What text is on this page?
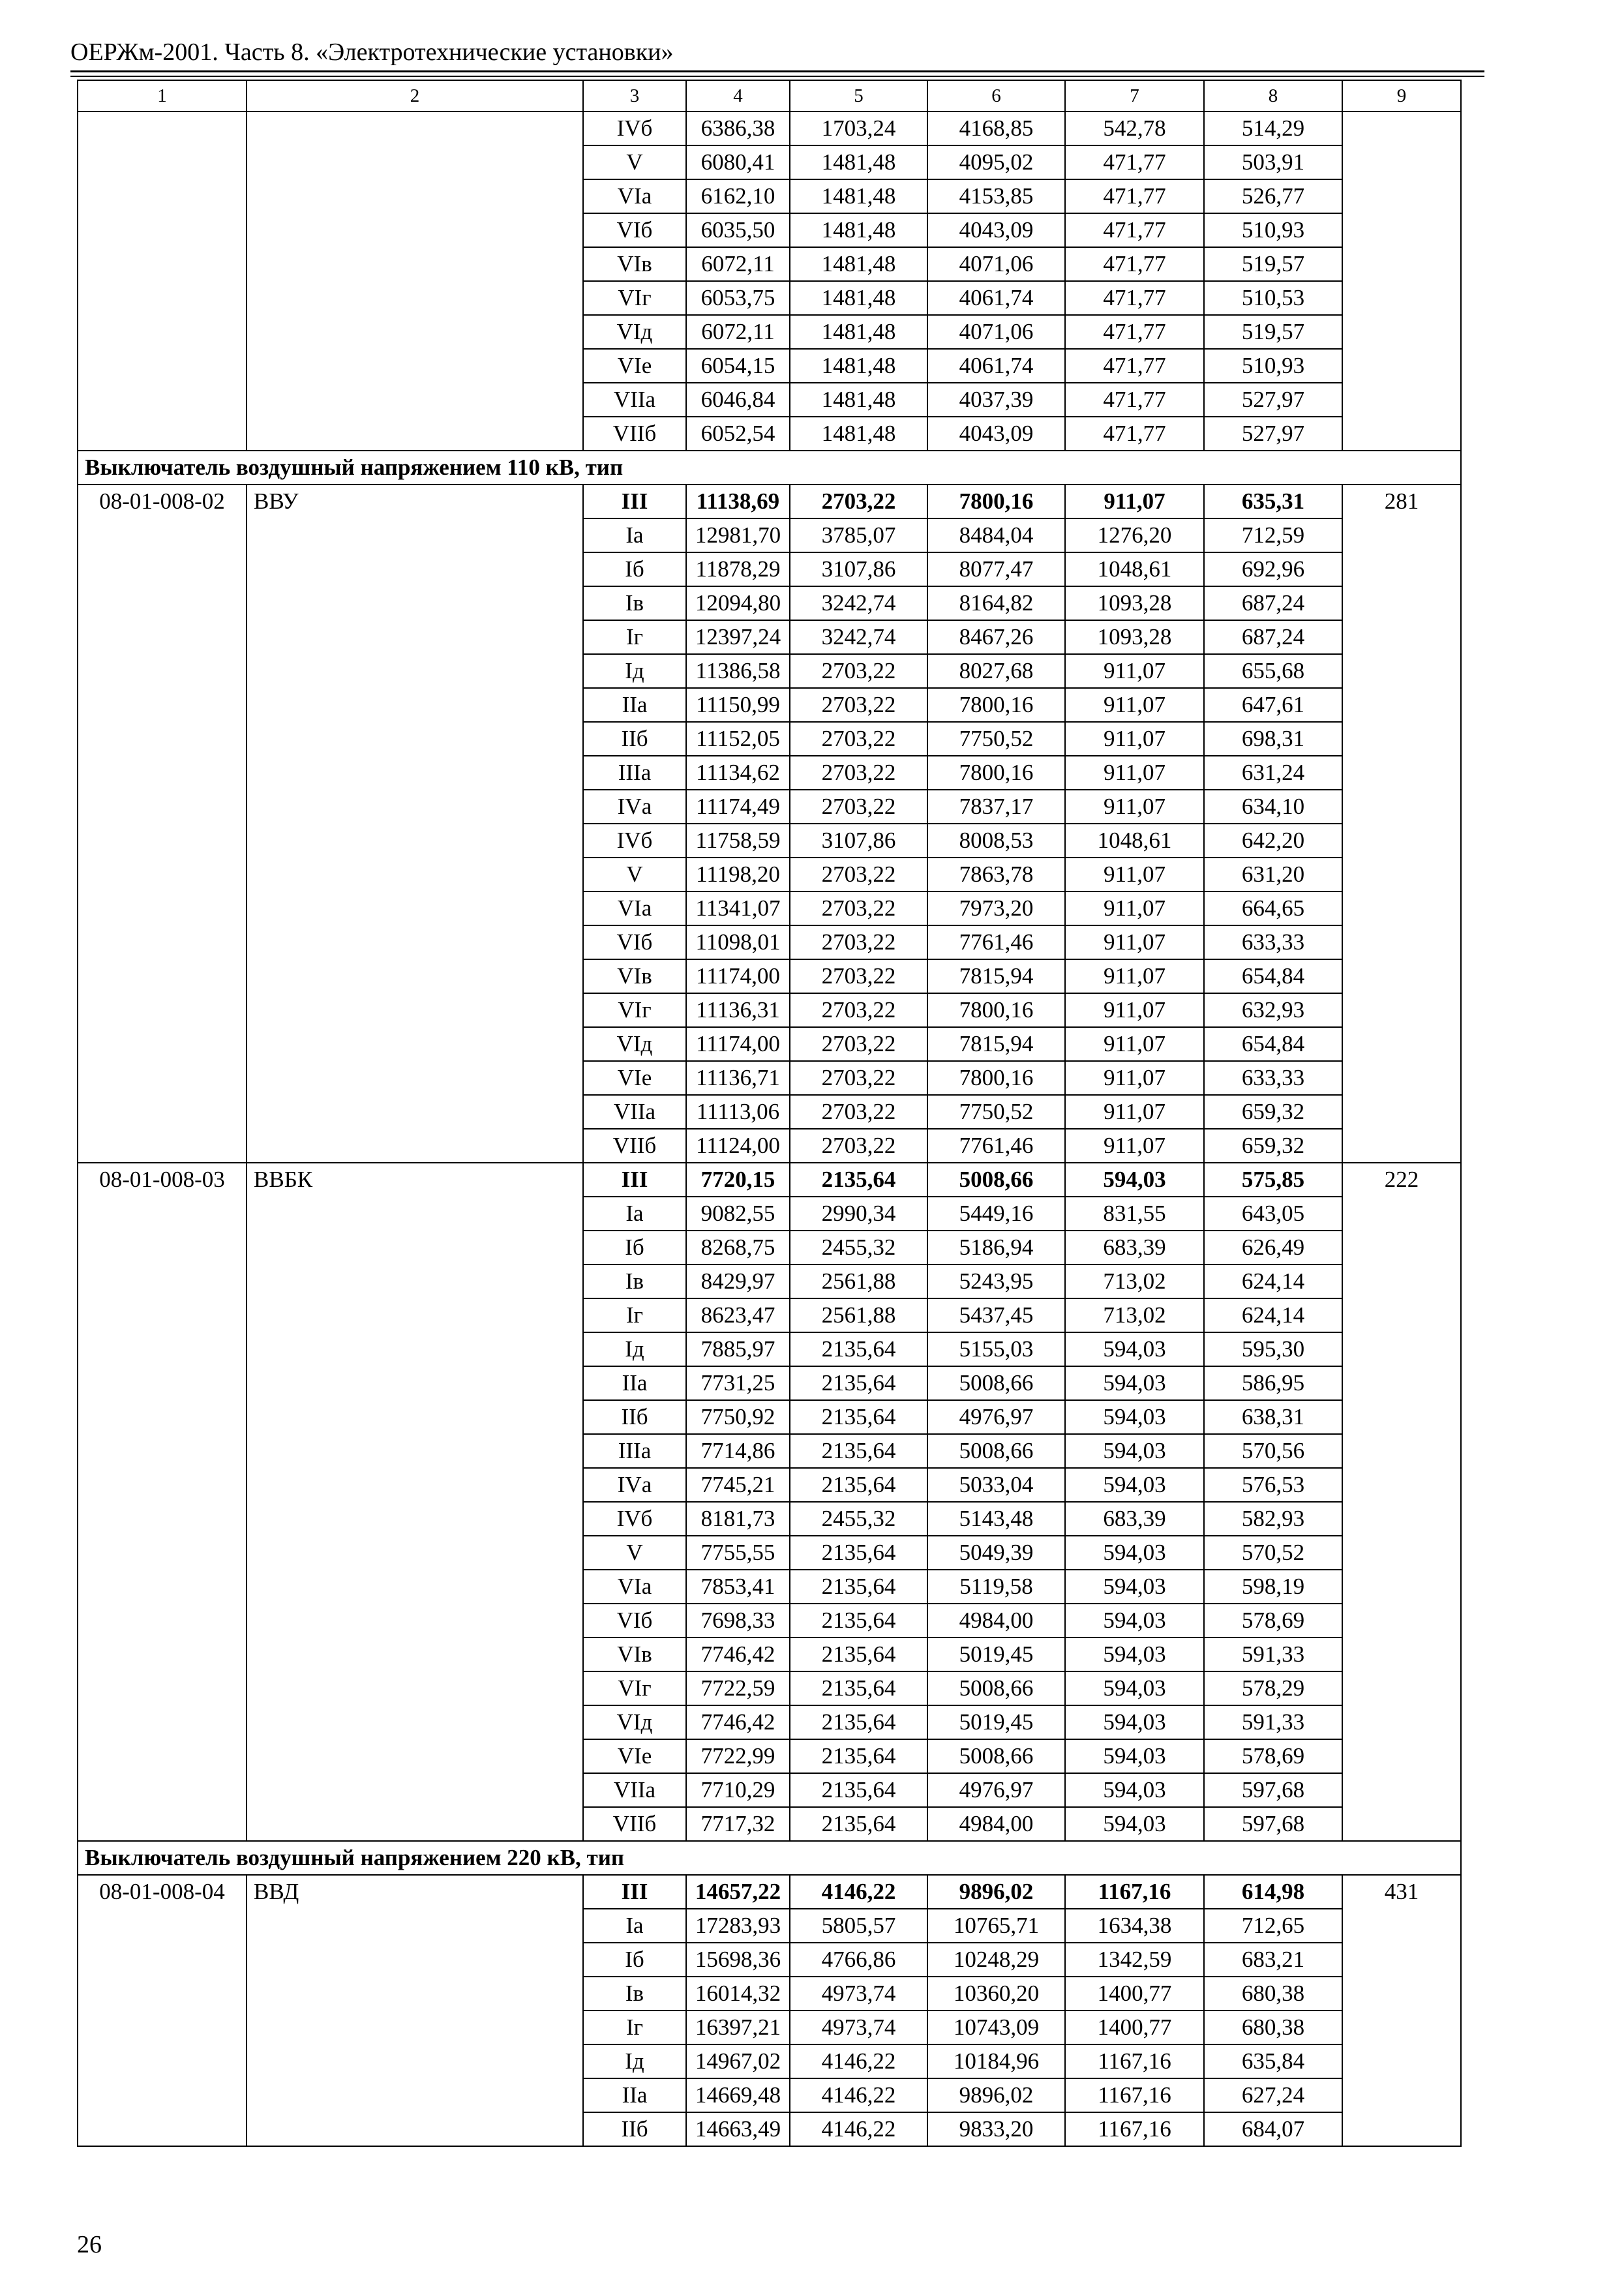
ОЕРЖм-2001. Часть 8. «Электротехнические установки»
1	2	3	4	5	6	7	8	9
		IVб	6386,38	1703,24	4168,85	542,78	514,29	
		V	6080,41	1481,48	4095,02	471,77	503,91	
		VIа	6162,10	1481,48	4153,85	471,77	526,77	
		VIб	6035,50	1481,48	4043,09	471,77	510,93	
		VIв	6072,11	1481,48	4071,06	471,77	519,57	
		VIг	6053,75	1481,48	4061,74	471,77	510,53	
		VIд	6072,11	1481,48	4071,06	471,77	519,57	
		VIе	6054,15	1481,48	4061,74	471,77	510,93	
		VIIа	6046,84	1481,48	4037,39	471,77	527,97	
		VIIб	6052,54	1481,48	4043,09	471,77	527,97	
Выключатель воздушный напряжением 110 кВ, тип								
08-01-008-02	ВВУ	III	11138,69	2703,22	7800,16	911,07	635,31	281
		Iа	12981,70	3785,07	8484,04	1276,20	712,59	
		Iб	11878,29	3107,86	8077,47	1048,61	692,96	
		Iв	12094,80	3242,74	8164,82	1093,28	687,24	
		Iг	12397,24	3242,74	8467,26	1093,28	687,24	
		Iд	11386,58	2703,22	8027,68	911,07	655,68	
		IIа	11150,99	2703,22	7800,16	911,07	647,61	
		IIб	11152,05	2703,22	7750,52	911,07	698,31	
		IIIа	11134,62	2703,22	7800,16	911,07	631,24	
		IVа	11174,49	2703,22	7837,17	911,07	634,10	
		IVб	11758,59	3107,86	8008,53	1048,61	642,20	
		V	11198,20	2703,22	7863,78	911,07	631,20	
		VIа	11341,07	2703,22	7973,20	911,07	664,65	
		VIб	11098,01	2703,22	7761,46	911,07	633,33	
		VIв	11174,00	2703,22	7815,94	911,07	654,84	
		VIг	11136,31	2703,22	7800,16	911,07	632,93	
		VIд	11174,00	2703,22	7815,94	911,07	654,84	
		VIе	11136,71	2703,22	7800,16	911,07	633,33	
		VIIа	11113,06	2703,22	7750,52	911,07	659,32	
		VIIб	11124,00	2703,22	7761,46	911,07	659,32	
08-01-008-03	ВВБК	III	7720,15	2135,64	5008,66	594,03	575,85	222
		Iа	9082,55	2990,34	5449,16	831,55	643,05	
		Iб	8268,75	2455,32	5186,94	683,39	626,49	
		Iв	8429,97	2561,88	5243,95	713,02	624,14	
		Iг	8623,47	2561,88	5437,45	713,02	624,14	
		Iд	7885,97	2135,64	5155,03	594,03	595,30	
		IIа	7731,25	2135,64	5008,66	594,03	586,95	
		IIб	7750,92	2135,64	4976,97	594,03	638,31	
		IIIа	7714,86	2135,64	5008,66	594,03	570,56	
		IVа	7745,21	2135,64	5033,04	594,03	576,53	
		IVб	8181,73	2455,32	5143,48	683,39	582,93	
		V	7755,55	2135,64	5049,39	594,03	570,52	
		VIа	7853,41	2135,64	5119,58	594,03	598,19	
		VIб	7698,33	2135,64	4984,00	594,03	578,69	
		VIв	7746,42	2135,64	5019,45	594,03	591,33	
		VIг	7722,59	2135,64	5008,66	594,03	578,29	
		VIд	7746,42	2135,64	5019,45	594,03	591,33	
		VIе	7722,99	2135,64	5008,66	594,03	578,69	
		VIIа	7710,29	2135,64	4976,97	594,03	597,68	
		VIIб	7717,32	2135,64	4984,00	594,03	597,68	
Выключатель воздушный напряжением 220 кВ, тип								
08-01-008-04	ВВД	III	14657,22	4146,22	9896,02	1167,16	614,98	431
		Iа	17283,93	5805,57	10765,71	1634,38	712,65	
		Iб	15698,36	4766,86	10248,29	1342,59	683,21	
		Iв	16014,32	4973,74	10360,20	1400,77	680,38	
		Iг	16397,21	4973,74	10743,09	1400,77	680,38	
		Iд	14967,02	4146,22	10184,96	1167,16	635,84	
		IIа	14669,48	4146,22	9896,02	1167,16	627,24	
		IIб	14663,49	4146,22	9833,20	1167,16	684,07	
26
